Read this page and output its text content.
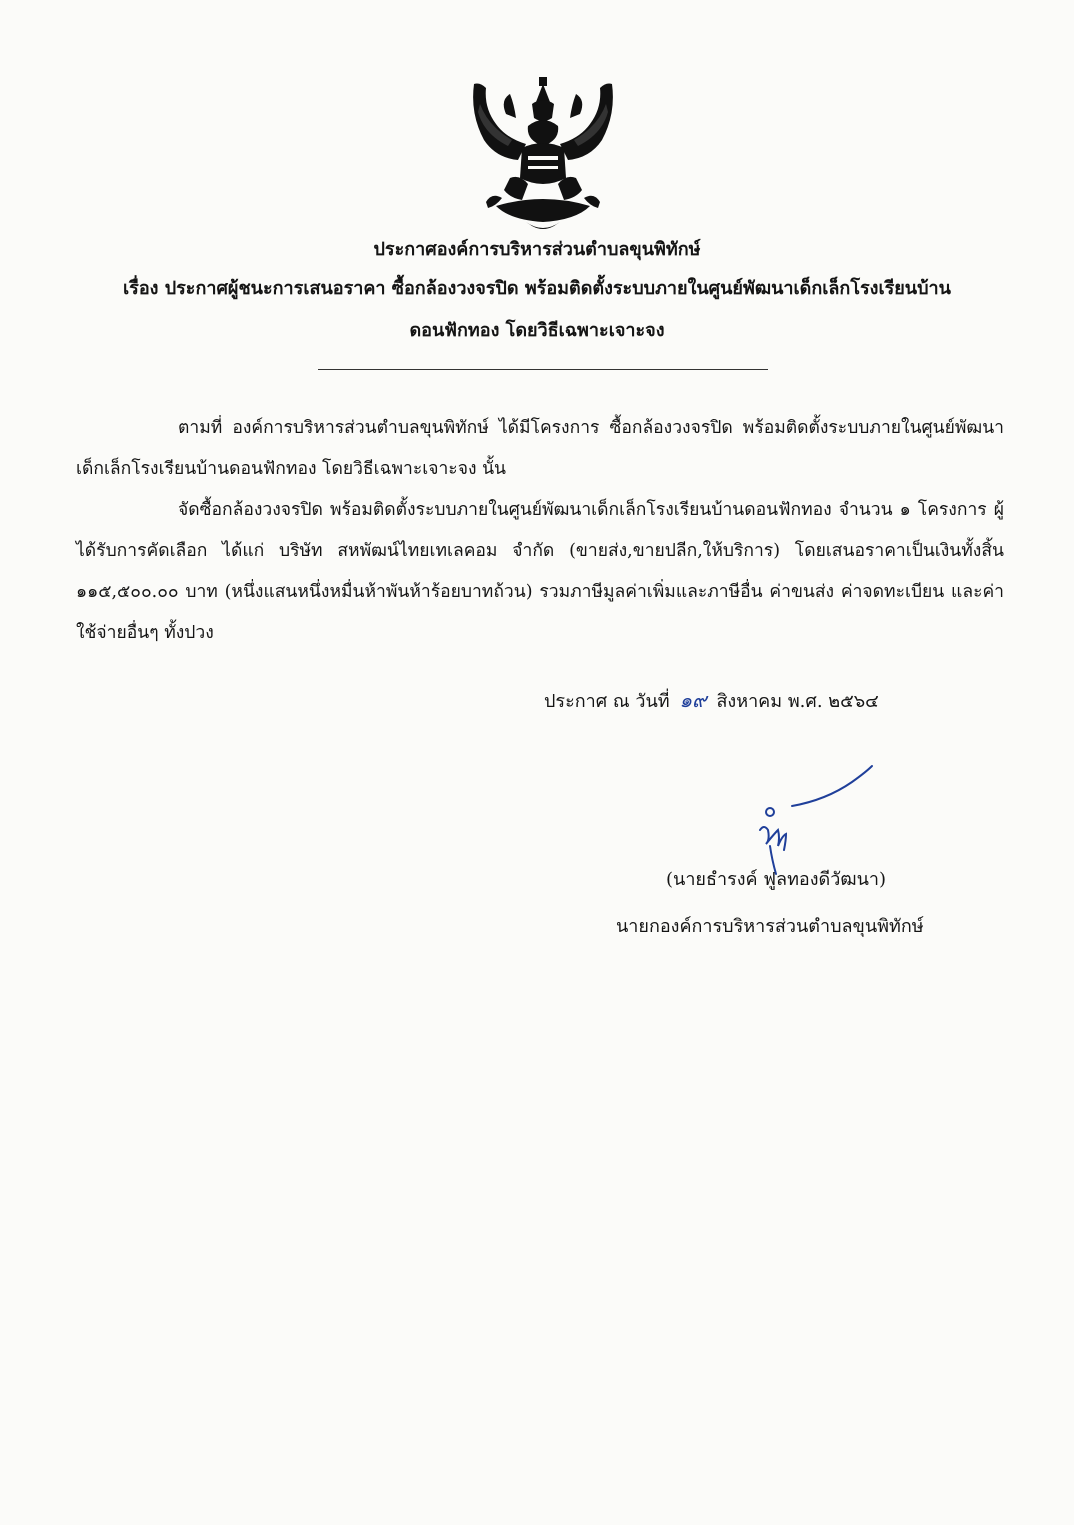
ประกาศองค์การบริหารส่วนตำบลขุนพิทักษ์
เรื่อง ประกาศผู้ชนะการเสนอราคา ซื้อกล้องวงจรปิด พร้อมติดตั้งระบบภายในศูนย์พัฒนาเด็กเล็กโรงเรียนบ้าน
ดอนฟักทอง โดยวิธีเฉพาะเจาะจง

ตามที่ องค์การบริหารส่วนตำบลขุนพิทักษ์ ได้มีโครงการ ซื้อกล้องวงจรปิด พร้อมติดตั้งระบบภายในศูนย์พัฒนาเด็กเล็กโรงเรียนบ้านดอนฟักทอง โดยวิธีเฉพาะเจาะจง นั้น

จัดซื้อกล้องวงจรปิด พร้อมติดตั้งระบบภายในศูนย์พัฒนาเด็กเล็กโรงเรียนบ้านดอนฟักทอง จำนวน ๑ โครงการ ผู้ได้รับการคัดเลือก ได้แก่ บริษัท สหพัฒน์ไทยเทเลคอม จำกัด (ขายส่ง,ขายปลีก,ให้บริการ) โดยเสนอราคาเป็นเงินทั้งสิ้น ๑๑๕,๕๐๐.๐๐ บาท (หนึ่งแสนหนึ่งหมื่นห้าพันห้าร้อยบาทถ้วน) รวมภาษีมูลค่าเพิ่มและภาษีอื่น ค่าขนส่ง ค่าจดทะเบียน และค่าใช้จ่ายอื่นๆ ทั้งปวง

ประกาศ ณ วันที่ ๑๙ สิงหาคม พ.ศ. ๒๕๖๔
(นายธำรงค์ ฟูลทองดีวัฒนา)
นายกองค์การบริหารส่วนตำบลขุนพิทักษ์
